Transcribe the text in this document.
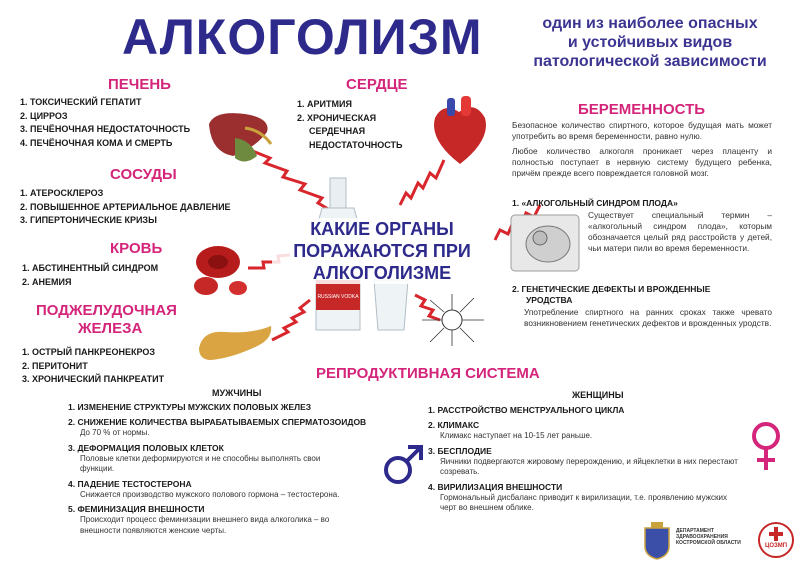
АЛКОГОЛИЗМ	один из наиболее опасных
и устойчивых видов
патологической зависимости
ПЕЧЕНЬ
1. ТОКСИЧЕСКИЙ ГЕПАТИТ
2. ЦИРРОЗ
3. ПЕЧЁНОЧНАЯ НЕДОСТАТОЧНОСТЬ
4. ПЕЧЁНОЧНАЯ КОМА И СМЕРТЬ
СЕРДЦЕ
1. АРИТМИЯ
2. ХРОНИЧЕСКАЯ
СЕРДЕЧНАЯ
НЕДОСТАТОЧНОСТЬ
СОСУДЫ
1. АТЕРОСКЛЕРОЗ
2. ПОВЫШЕННОЕ АРТЕРИАЛЬНОЕ ДАВЛЕНИЕ
3. ГИПЕРТОНИЧЕСКИЕ КРИЗЫ
КРОВЬ
1. АБСТИНЕНТНЫЙ СИНДРОМ
2. АНЕМИЯ
ПОДЖЕЛУДОЧНАЯ
ЖЕЛЕЗА
1. ОСТРЫЙ ПАНКРЕОНЕКРОЗ
2. ПЕРИТОНИТ
3. ХРОНИЧЕСКИЙ ПАНКРЕАТИТ
RUSSIAN VODKA
КАКИЕ ОРГАНЫ
ПОРАЖАЮТСЯ ПРИ
АЛКОГОЛИЗМЕ
БЕРЕМЕННОСТЬ
Безопасное количество спиртного, которое будущая мать может употребить во время беременности, равно нулю.
Любое количество алкоголя проникает через плаценту и полностью поступает в нервную систему будущего ребенка, причём прежде всего повреждается головной мозг.
1. «АЛКОГОЛЬНЫЙ СИНДРОМ ПЛОДА»
Существует специальный термин – «алкогольный синдром плода», которым обозначается целый ряд расстройств у детей, чьи матери пили во время беременности.
2. ГЕНЕТИЧЕСКИЕ ДЕФЕКТЫ И ВРОЖДЕННЫЕ
УРОДСТВА
Употребление спиртного на ранних сроках также чревато возникновением генетических дефектов и врожденных уродств.
РЕПРОДУКТИВНАЯ СИСТЕМА
МУЖЧИНЫ	ЖЕНЩИНЫ
1. ИЗМЕНЕНИЕ СТРУКТУРЫ МУЖСКИХ ПОЛОВЫХ ЖЕЛЕЗ
2. СНИЖЕНИЕ КОЛИЧЕСТВА ВЫРАБАТЫВАЕМЫХ СПЕРМАТОЗОИДОВ
До 70 % от нормы.
3. ДЕФОРМАЦИЯ ПОЛОВЫХ КЛЕТОК
Половые клетки деформируются и не способны выполнять свои функции.
4. ПАДЕНИЕ ТЕСТОСТЕРОНА
Снижается производство мужского полового гормона – тестостерона.
5. ФЕМИНИЗАЦИЯ ВНЕШНОСТИ
Происходит процесс феминизации внешнего вида алкоголика – во внешности появляются женские черты.
1. РАССТРОЙСТВО МЕНСТРУАЛЬНОГО ЦИКЛА
2. КЛИМАКС
Климакс наступает на 10-15 лет раньше.
3. БЕСПЛОДИЕ
Яичники подвергаются жировому перерождению, и яйцеклетки в них перестают созревать.
4. ВИРИЛИЗАЦИЯ ВНЕШНОСТИ
Гормональный дисбаланс приводит к вирилизации, т.е. проявлению мужских черт во внешнем облике.
ДЕПАРТАМЕНТ
ЗДРАВООХРАНЕНИЯ
КОСТРОМСКОЙ ОБЛАСТИ	ЦОЗМП
